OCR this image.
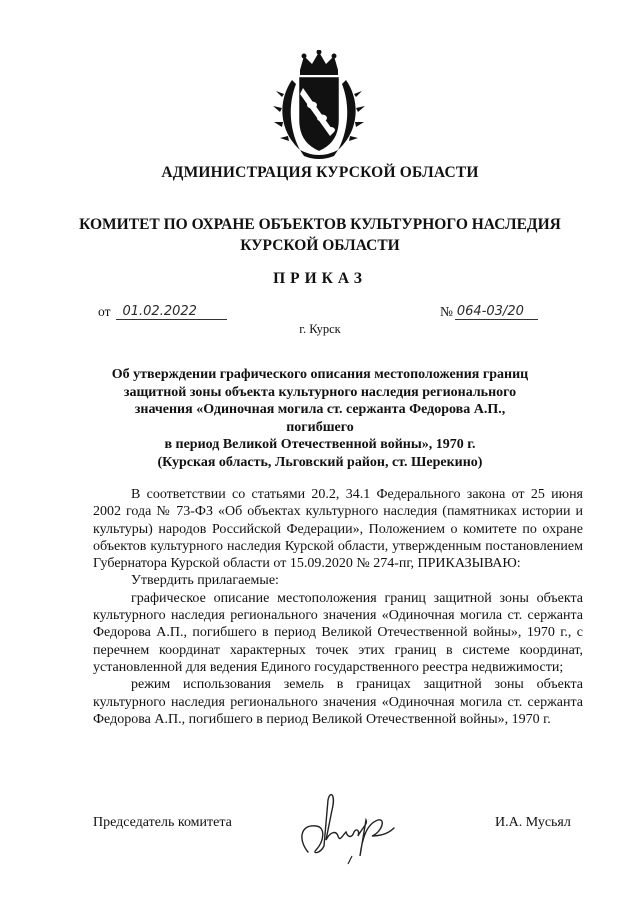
АДМИНИСТРАЦИЯ КУРСКОЙ ОБЛАСТИ
КОМИТЕТ ПО ОХРАНЕ ОБЪЕКТОВ КУЛЬТУРНОГО НАСЛЕДИЯ
КУРСКОЙ ОБЛАСТИ
ПРИКАЗ
от 01.02.2022	№ 064-03/20
г. Курск
Об утверждении графического описания местоположения границ
защитной зоны объекта культурного наследия регионального
значения «Одиночная могила ст. сержанта Федорова А.П., погибшего
в период Великой Отечественной войны», 1970 г.
(Курская область, Льговский район, ст. Шерекино)

В соответствии со статьями 20.2, 34.1 Федерального закона от 25 июня 2002 года № 73-ФЗ «Об объектах культурного наследия (памятниках истории и культуры) народов Российской Федерации», Положением о комитете по охране объектов культурного наследия Курской области, утвержденным постановлением Губернатора Курской области от 15.09.2020 № 274-пг, ПРИКАЗЫВАЮ:

Утвердить прилагаемые:

графическое описание местоположения границ защитной зоны объекта культурного наследия регионального значения «Одиночная могила ст. сержанта Федорова А.П., погибшего в период Великой Отечественной войны», 1970 г., с перечнем координат характерных точек этих границ в системе координат, установленной для ведения Единого государственного реестра недвижимости;

режим использования земель в границах защитной зоны объекта культурного наследия регионального значения «Одиночная могила ст. сержанта Федорова А.П., погибшего в период Великой Отечественной войны», 1970 г.

Председатель комитета	И.А. Мусьял
